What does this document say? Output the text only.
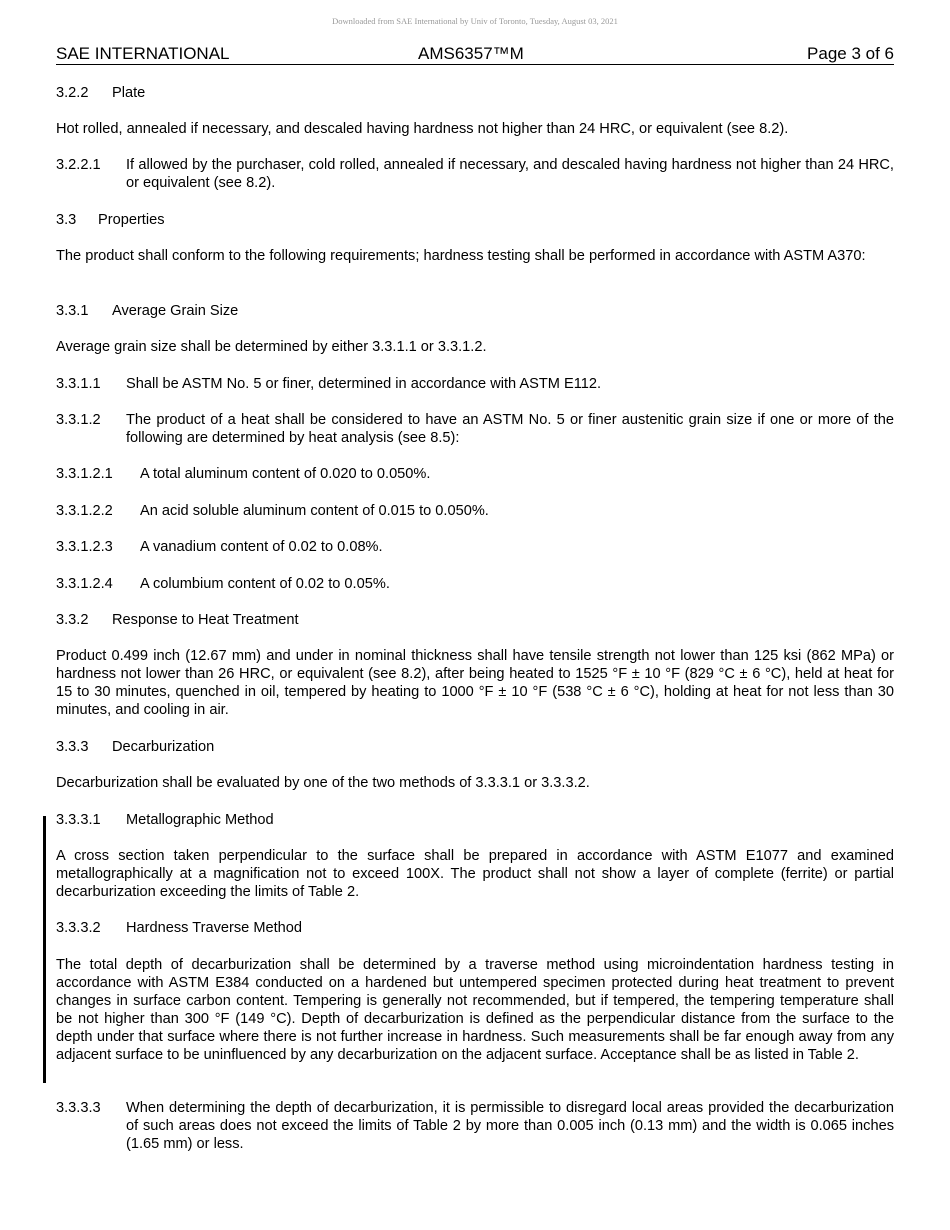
Downloaded from SAE International by Univ of Toronto, Tuesday, August 03, 2021
SAE INTERNATIONAL	AMS6357™M	Page 3 of 6
3.2.2 Plate
Hot rolled, annealed if necessary, and descaled having hardness not higher than 24 HRC, or equivalent (see 8.2).
3.2.2.1 If allowed by the purchaser, cold rolled, annealed if necessary, and descaled having hardness not higher than 24 HRC, or equivalent (see 8.2).
3.3 Properties
The product shall conform to the following requirements; hardness testing shall be performed in accordance with ASTM A370:
3.3.1 Average Grain Size
Average grain size shall be determined by either 3.3.1.1 or 3.3.1.2.
3.3.1.1 Shall be ASTM No. 5 or finer, determined in accordance with ASTM E112.
3.3.1.2 The product of a heat shall be considered to have an ASTM No. 5 or finer austenitic grain size if one or more of the following are determined by heat analysis (see 8.5):
3.3.1.2.1 A total aluminum content of 0.020 to 0.050%.
3.3.1.2.2 An acid soluble aluminum content of 0.015 to 0.050%.
3.3.1.2.3 A vanadium content of 0.02 to 0.08%.
3.3.1.2.4 A columbium content of 0.02 to 0.05%.
3.3.2 Response to Heat Treatment
Product 0.499 inch (12.67 mm) and under in nominal thickness shall have tensile strength not lower than 125 ksi (862 MPa) or hardness not lower than 26 HRC, or equivalent (see 8.2), after being heated to 1525 °F ± 10 °F (829 °C ± 6 °C), held at heat for 15 to 30 minutes, quenched in oil, tempered by heating to 1000 °F ± 10 °F (538 °C ± 6 °C), holding at heat for not less than 30 minutes, and cooling in air.
3.3.3 Decarburization
Decarburization shall be evaluated by one of the two methods of 3.3.3.1 or 3.3.3.2.
3.3.3.1 Metallographic Method
A cross section taken perpendicular to the surface shall be prepared in accordance with ASTM E1077 and examined metallographically at a magnification not to exceed 100X. The product shall not show a layer of complete (ferrite) or partial decarburization exceeding the limits of Table 2.
3.3.3.2 Hardness Traverse Method
The total depth of decarburization shall be determined by a traverse method using microindentation hardness testing in accordance with ASTM E384 conducted on a hardened but untempered specimen protected during heat treatment to prevent changes in surface carbon content. Tempering is generally not recommended, but if tempered, the tempering temperature shall be not higher than 300 °F (149 °C). Depth of decarburization is defined as the perpendicular distance from the surface to the depth under that surface where there is not further increase in hardness. Such measurements shall be far enough away from any adjacent surface to be uninfluenced by any decarburization on the adjacent surface. Acceptance shall be as listed in Table 2.
3.3.3.3 When determining the depth of decarburization, it is permissible to disregard local areas provided the decarburization of such areas does not exceed the limits of Table 2 by more than 0.005 inch (0.13 mm) and the width is 0.065 inches (1.65 mm) or less.
